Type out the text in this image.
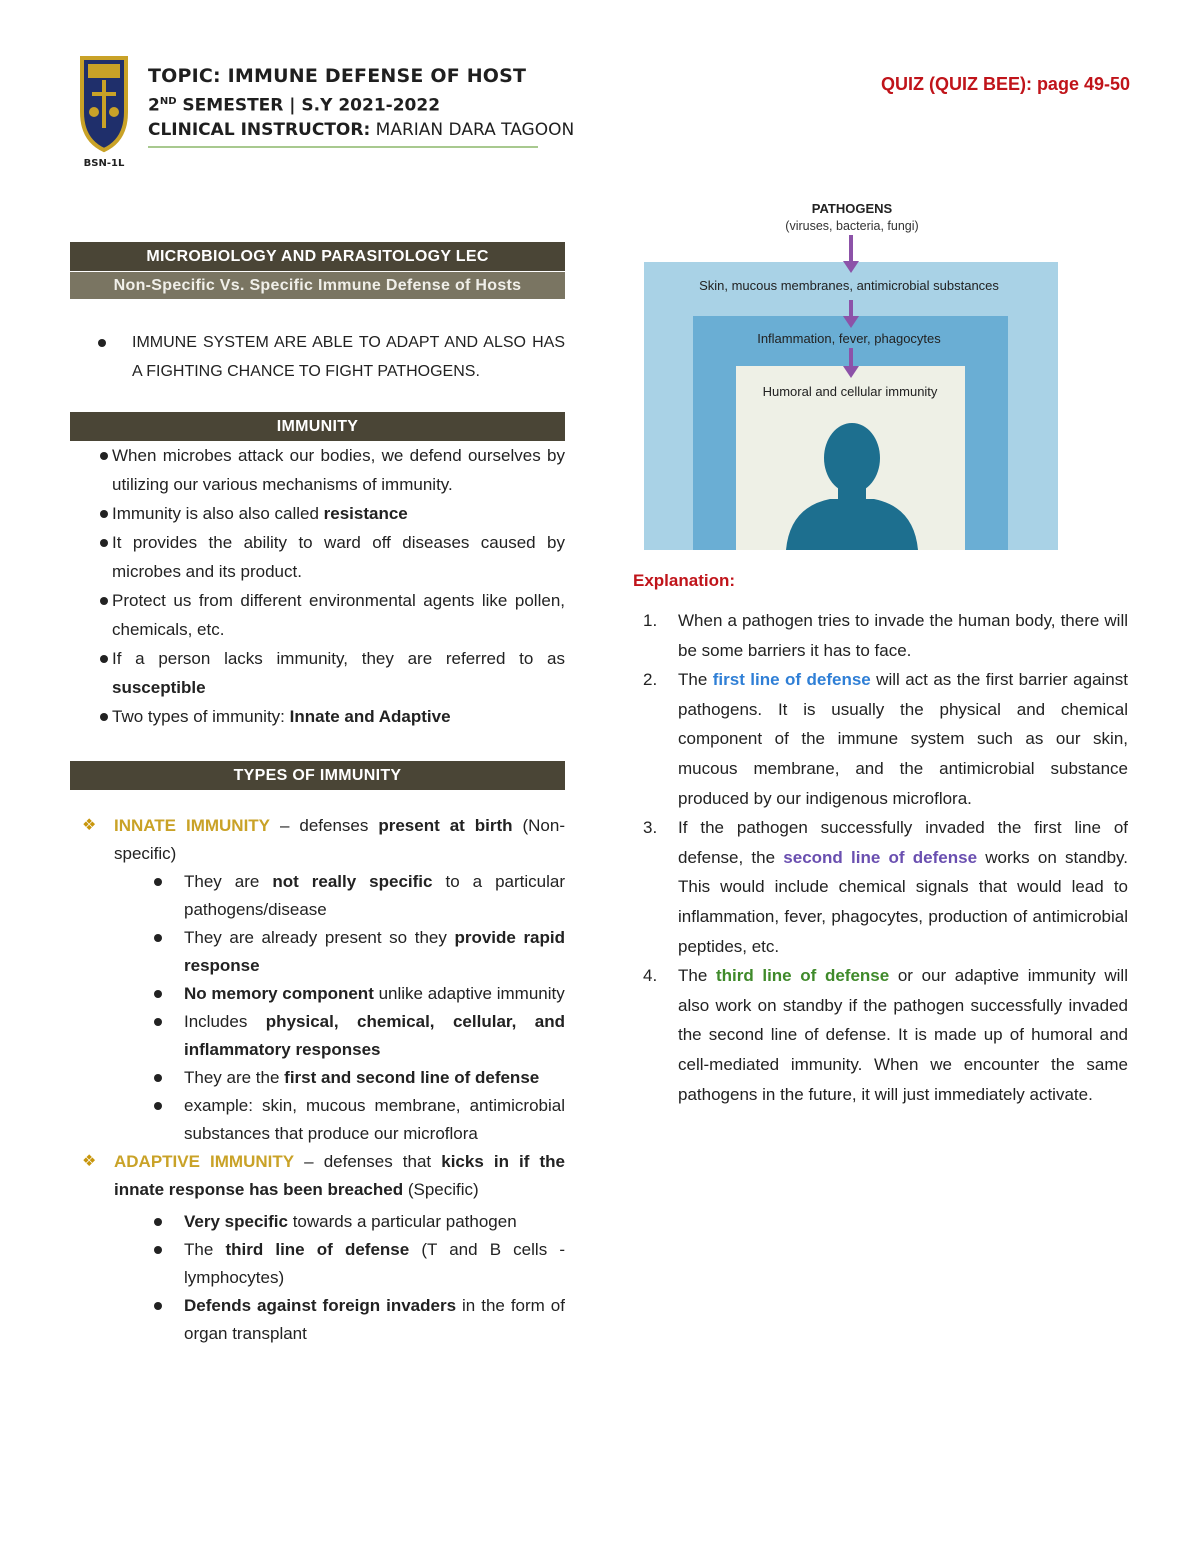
BSN-1L
TOPIC: IMMUNE DEFENSE OF HOST
2ND SEMESTER | S.Y 2021-2022
CLINICAL INSTRUCTOR: MARIAN DARA TAGOON
QUIZ (QUIZ BEE): page 49-50
MICROBIOLOGY AND PARASITOLOGY LEC
Non-Specific Vs. Specific Immune Defense of Hosts
IMMUNE SYSTEM ARE ABLE TO ADAPT AND ALSO HAS A FIGHTING CHANCE TO FIGHT PATHOGENS.
IMMUNITY
When microbes attack our bodies, we defend ourselves by utilizing our various mechanisms of immunity.
Immunity is also also called resistance
It provides the ability to ward off diseases caused by microbes and its product.
Protect us from different environmental agents like pollen, chemicals, etc.
If a person lacks immunity, they are referred to as susceptible
Two types of immunity: Innate and Adaptive
TYPES OF IMMUNITY
❖ INNATE IMMUNITY – defenses present at birth (Non-specific)
They are not really specific to a particular pathogens/disease
They are already present so they provide rapid response
No memory component unlike adaptive immunity
Includes physical, chemical, cellular, and inflammatory responses
They are the first and second line of defense
example: skin, mucous membrane, antimicrobial substances that produce our microflora
❖ ADAPTIVE IMMUNITY – defenses that kicks in if the innate response has been breached (Specific)
Very specific towards a particular pathogen
The third line of defense (T and B cells - lymphocytes)
Defends against foreign invaders in the form of organ transplant
PATHOGENS
(viruses, bacteria, fungi)
Skin, mucous membranes, antimicrobial substances
Inflammation, fever, phagocytes
Humoral and cellular immunity
Explanation:
1. When a pathogen tries to invade the human body, there will be some barriers it has to face.
2. The first line of defense will act as the first barrier against pathogens. It is usually the physical and chemical component of the immune system such as our skin, mucous membrane, and the antimicrobial substance produced by our indigenous microflora.
3. If the pathogen successfully invaded the first line of defense, the second line of defense works on standby. This would include chemical signals that would lead to inflammation, fever, phagocytes, production of antimicrobial peptides, etc.
4. The third line of defense or our adaptive immunity will also work on standby if the pathogen successfully invaded the second line of defense. It is made up of humoral and cell-mediated immunity. When we encounter the same pathogens in the future, it will just immediately activate.
